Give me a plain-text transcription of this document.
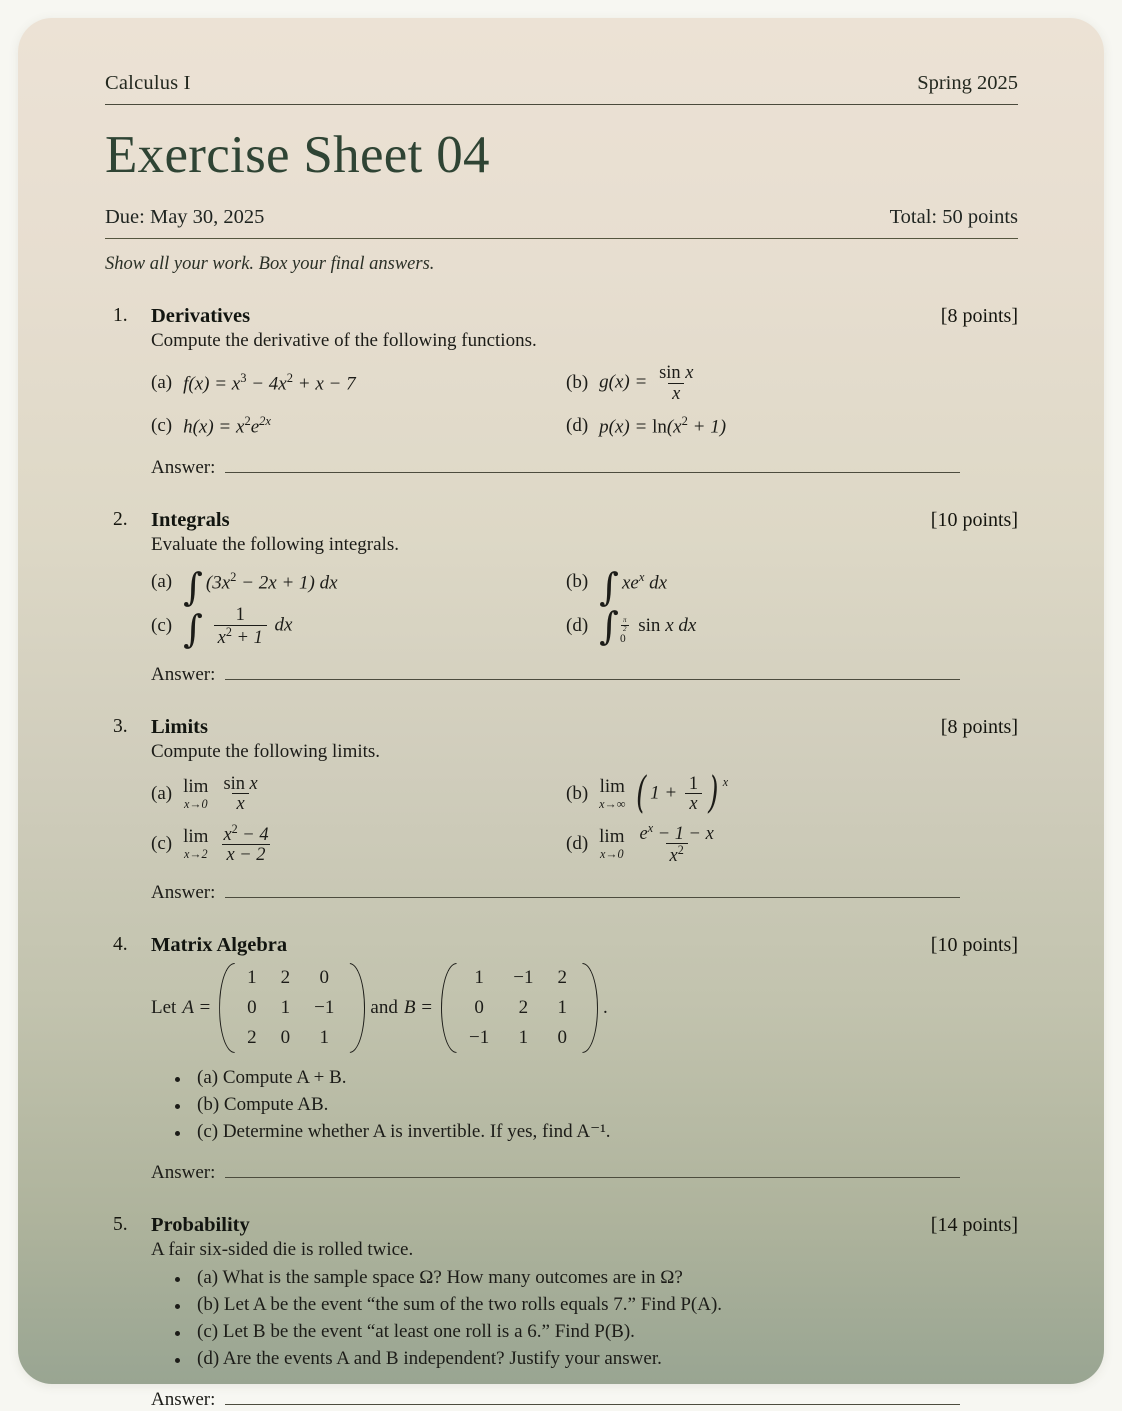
Calculus I	Spring 2025
Exercise Sheet 04
Due: May 30, 2025	Total: 50 points
Show all your work. Box your final answers.
1. Derivatives	[8 points]
Compute the derivative of the following functions.
(a) $f(x) = x^3 - 4x^2 + x - 7$	(b) $g(x) = \frac{\text{sin x}}{x}$
(c) $h(x) = x^2e^{2x}$	(d) $p(x) = \ln(x^2 + 1)$
Answer:
2. Integrals	[10 points]
Evaluate the following integrals.
(a) ∫ $(3x^2 - 2x + 1)$ dx	(b) ∫ $xe^x$ dx
(c) ∫ $\frac{1}{x^2 + 1}$ dx	(d) ∫ $\frac{\pi}{2}$
0
sin x dx
Answer:
3. Limits	[8 points]
Compute the following limits.
(a) lim
$x\to 0 \frac{\text{sin x}}{x}$	(b) lim
x→∞ ( $1 + \frac{1}{x}$ ) x
(c) lim
$x\to 2 \frac{x^2 - 4}{x - 2}$	(d) lim
$x\to 0 \frac{e^x - 1 - x}{x^2}$
Answer:
4. Matrix Algebra	[10 points]
Let A =
1	2	0
0	1	−1
2	0	1
and B =
1	−1	2
0	2	1
−1	1	0
.
(a) Compute A + B.
(b) Compute AB.
(c) Determine whether A is invertible. If yes, find A⁻¹.
Answer:
5. Probability	[14 points]
A fair six-sided die is rolled twice.
(a) What is the sample space Ω? How many outcomes are in Ω?
(b) Let A be the event “the sum of the two rolls equals 7.” Find P(A).
(c) Let B be the event “at least one roll is a 6.” Find P(B).
(d) Are the events A and B independent? Justify your answer.
Answer:
